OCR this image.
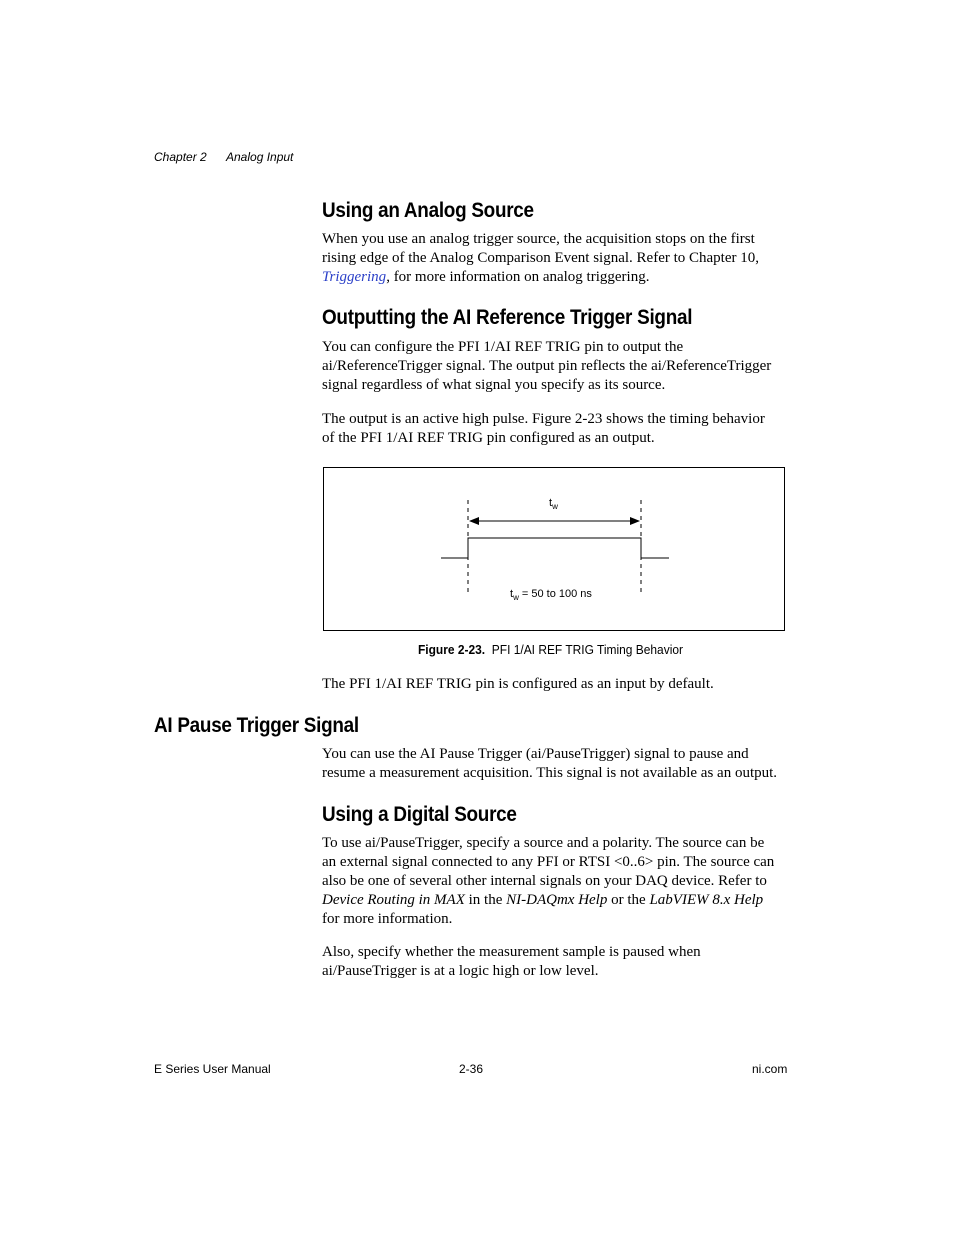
Chapter 2 Analog Input
Using an Analog Source
When you use an analog trigger source, the acquisition stops on the first
rising edge of the Analog Comparison Event signal. Refer to Chapter 10,
Triggering, for more information on analog triggering.
Outputting the AI Reference Trigger Signal
You can configure the PFI 1/AI REF TRIG pin to output the
ai/ReferenceTrigger signal. The output pin reflects the ai/ReferenceTrigger
signal regardless of what signal you specify as its source.
The output is an active high pulse. Figure 2-23 shows the timing behavior
of the PFI 1/AI REF TRIG pin configured as an output.
$t_w$
$t_w = 50$ to 100 ns
Figure 2-23. PFI 1/AI REF TRIG Timing Behavior
The PFI 1/AI REF TRIG pin is configured as an input by default.
AI Pause Trigger Signal
You can use the AI Pause Trigger (ai/PauseTrigger) signal to pause and
resume a measurement acquisition. This signal is not available as an output.
Using a Digital Source
To use ai/PauseTrigger, specify a source and a polarity. The source can be
an external signal connected to any PFI or RTSI <0..6> pin. The source can
also be one of several other internal signals on your DAQ device. Refer to
Device Routing in MAX in the NI-DAQmx Help or the LabVIEW 8.x Help
for more information.
Also, specify whether the measurement sample is paused when
ai/PauseTrigger is at a logic high or low level.
E Series User Manual	2-36	ni.com
